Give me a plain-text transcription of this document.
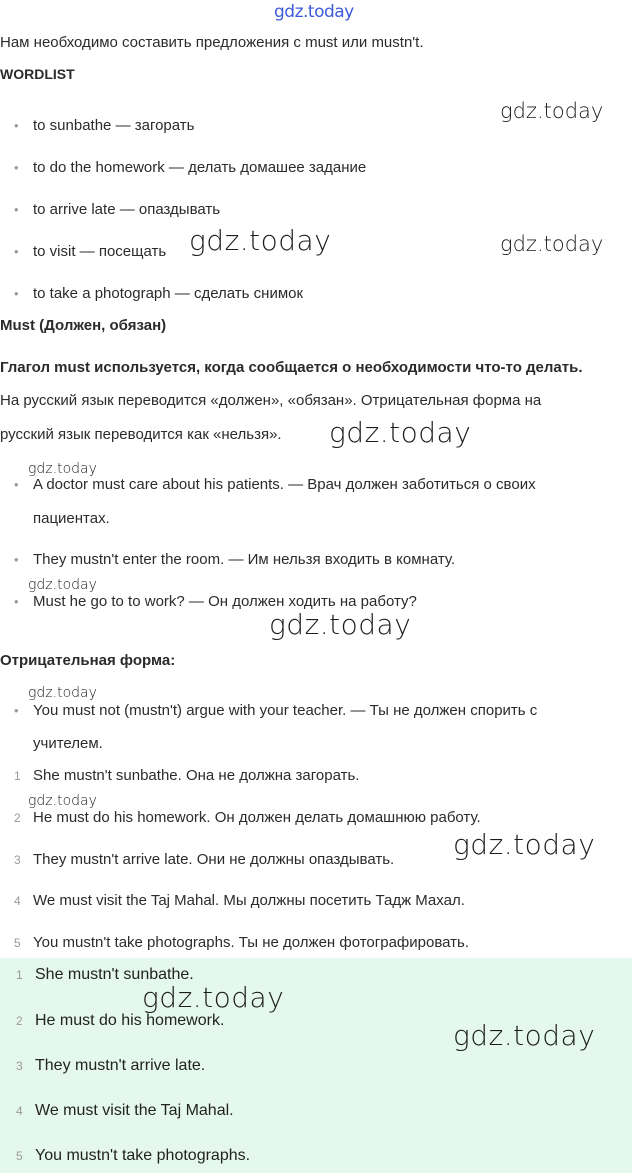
gdz.today
Нам необходимо составить предложения с must или mustn't.
WORDLIST
• to sunbathe — загорать
• to do the homework — делать домашее задание
• to arrive late — опаздывать
• to visit — посещать
• to take a photograph — сделать снимок
Must (Должен, обязан)
Глагол must используется, когда сообщается о необходимости что-то делать.
На русский язык переводится «должен», «обязан». Отрицательная форма на
русский язык переводится как «нельзя».
• A doctor must care about his patients. — Врач должен заботиться о своих
пациентах.
• They mustn't enter the room. — Им нельзя входить в комнату.
• Must he go to to work? — Он должен ходить на работу?
Отрицательная форма:
• You must not (mustn't) argue with your teacher. — Ты не должен спорить с
учителем.
1 She mustn't sunbathe. Она не должна загорать.
2 He must do his homework. Он должен делать домашнюю работу.
3 They mustn't arrive late. Они не должны опаздывать.
4 We must visit the Taj Mahal. Мы должны посетить Тадж Махал.
5 You mustn't take photographs. Ты не должен фотографировать.
1 She mustn't sunbathe.
2 He must do his homework.
3 They mustn't arrive late.
4 We must visit the Taj Mahal.
5 You mustn't take photographs.
gdz.today
gdz.today	gdz.today
gdz.today
gdz.today
gdz.today
gdz.today
gdz.today
gdz.today
gdz.today
gdz.today
gdz.today
